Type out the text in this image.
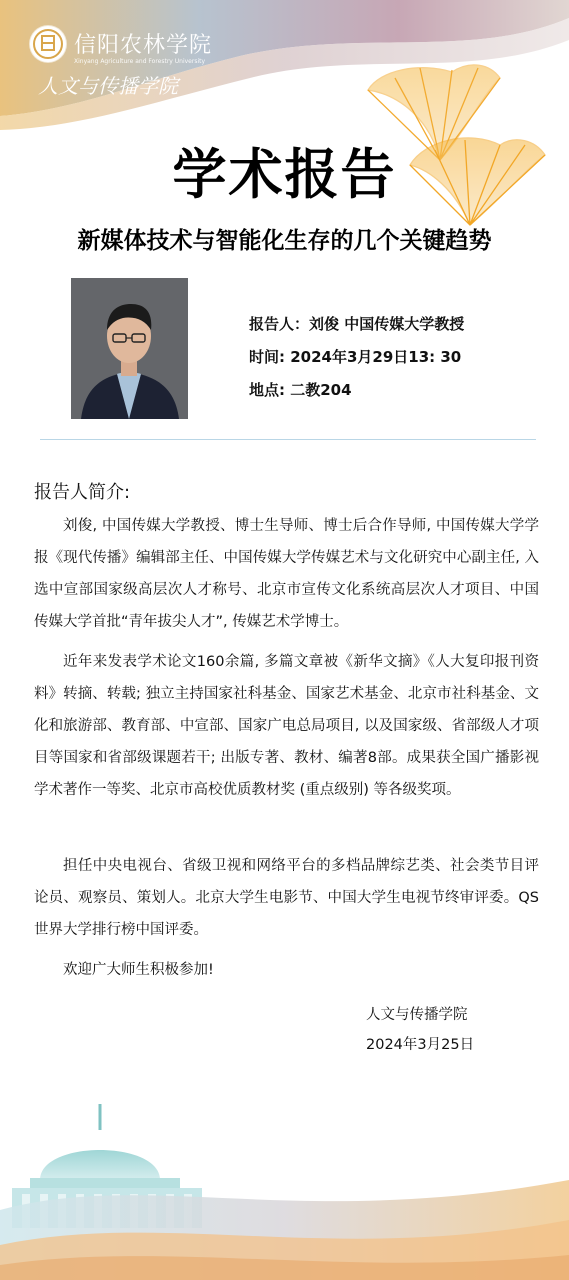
信阳农林学院
Xinyang Agriculture and Forestry University
人文与传播学院
学术报告
新媒体技术与智能化生存的几个关键趋势
报告人：刘俊 中国传媒大学教授
时间: 2024年3月29日13: 30
地点: 二教204
报告人简介:
刘俊, 中国传媒大学教授、博士生导师、博士后合作导师, 中国传媒大学学报《现代传播》编辑部主任、中国传媒大学传媒艺术与文化研究中心副主任, 入选中宣部国家级高层次人才称号、北京市宣传文化系统高层次人才项目、中国传媒大学首批“青年拔尖人才”, 传媒艺术学博士。
近年来发表学术论文160余篇, 多篇文章被《新华文摘》《人大复印报刊资料》转摘、转载; 独立主持国家社科基金、国家艺术基金、北京市社科基金、文化和旅游部、教育部、中宣部、国家广电总局项目, 以及国家级、省部级人才项目等国家和省部级课题若干; 出版专著、教材、编著8部。成果获全国广播影视学术著作一等奖、北京市高校优质教材奖 (重点级别) 等各级奖项。
担任中央电视台、省级卫视和网络平台的多档品牌综艺类、社会类节目评论员、观察员、策划人。北京大学生电影节、中国大学生电视节终审评委。QS世界大学排行榜中国评委。
欢迎广大师生积极参加!
人文与传播学院
2024年3月25日
